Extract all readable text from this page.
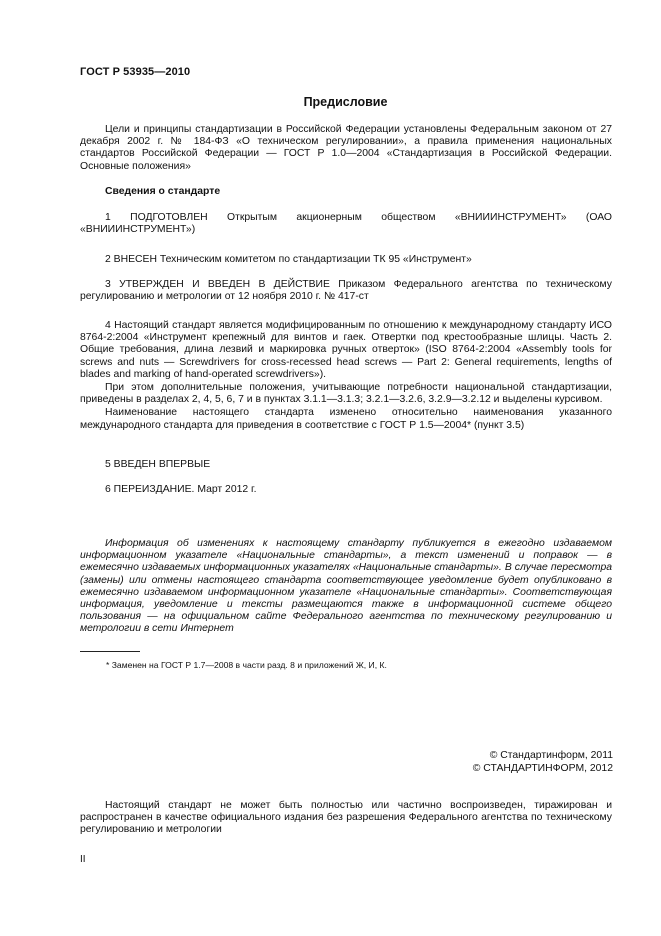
ГОСТ Р 53935—2010
Предисловие

Цели и принципы стандартизации в Российской Федерации установлены Федеральным законом от 27 декабря 2002 г. № 184-ФЗ «О техническом регулировании», а правила применения национальных стандартов Российской Федерации — ГОСТ Р 1.0—2004 «Стандартизация в Российской Федерации. Основные положения»

Сведения о стандарте

1 ПОДГОТОВЛЕН Открытым акционерным обществом «ВНИИИНСТРУМЕНТ» (ОАО «ВНИИИНСТРУМЕНТ»)

2 ВНЕСЕН Техническим комитетом по стандартизации ТК 95 «Инструмент»

3 УТВЕРЖДЕН И ВВЕДЕН В ДЕЙСТВИЕ Приказом Федерального агентства по техническому регулированию и метрологии от 12 ноября 2010 г. № 417-ст

4 Настоящий стандарт является модифицированным по отношению к международному стандарту ИСО 8764-2:2004 «Инструмент крепежный для винтов и гаек. Отвертки под крестообразные шлицы. Часть 2. Общие требования, длина лезвий и маркировка ручных отверток» (ISO 8764-2:2004 «Assembly tools for screws and nuts — Screwdrivers for cross-recessed head screws — Part 2: General requirements, lengths of blades and marking of hand-operated screwdrivers»).

При этом дополнительные положения, учитывающие потребности национальной стандартизации, приведены в разделах 2, 4, 5, 6, 7 и в пунктах 3.1.1—3.1.3; 3.2.1—3.2.6, 3.2.9—3.2.12 и выделены курсивом.

Наименование настоящего стандарта изменено относительно наименования указанного международного стандарта для приведения в соответствие с ГОСТ Р 1.5—2004* (пункт 3.5)

5 ВВЕДЕН ВПЕРВЫЕ

6 ПЕРЕИЗДАНИЕ. Март 2012 г.

Информация об изменениях к настоящему стандарту публикуется в ежегодно издаваемом информационном указателе «Национальные стандарты», а текст изменений и поправок — в ежемесячно издаваемых информационных указателях «Национальные стандарты». В случае пересмотра (замены) или отмены настоящего стандарта соответствующее уведомление будет опубликовано в ежемесячно издаваемом информационном указателе «Национальные стандарты». Соответствующая информация, уведомление и тексты размещаются также в информационной системе общего пользования — на официальном сайте Федерального агентства по техническому регулированию и метрологии в сети Интернет

* Заменен на ГОСТ Р 1.7—2008 в части разд. 8 и приложений Ж, И, К.
© Стандартинформ, 2011
© СТАНДАРТИНФОРМ, 2012

Настоящий стандарт не может быть полностью или частично воспроизведен, тиражирован и распространен в качестве официального издания без разрешения Федерального агентства по техническому регулированию и метрологии

II
